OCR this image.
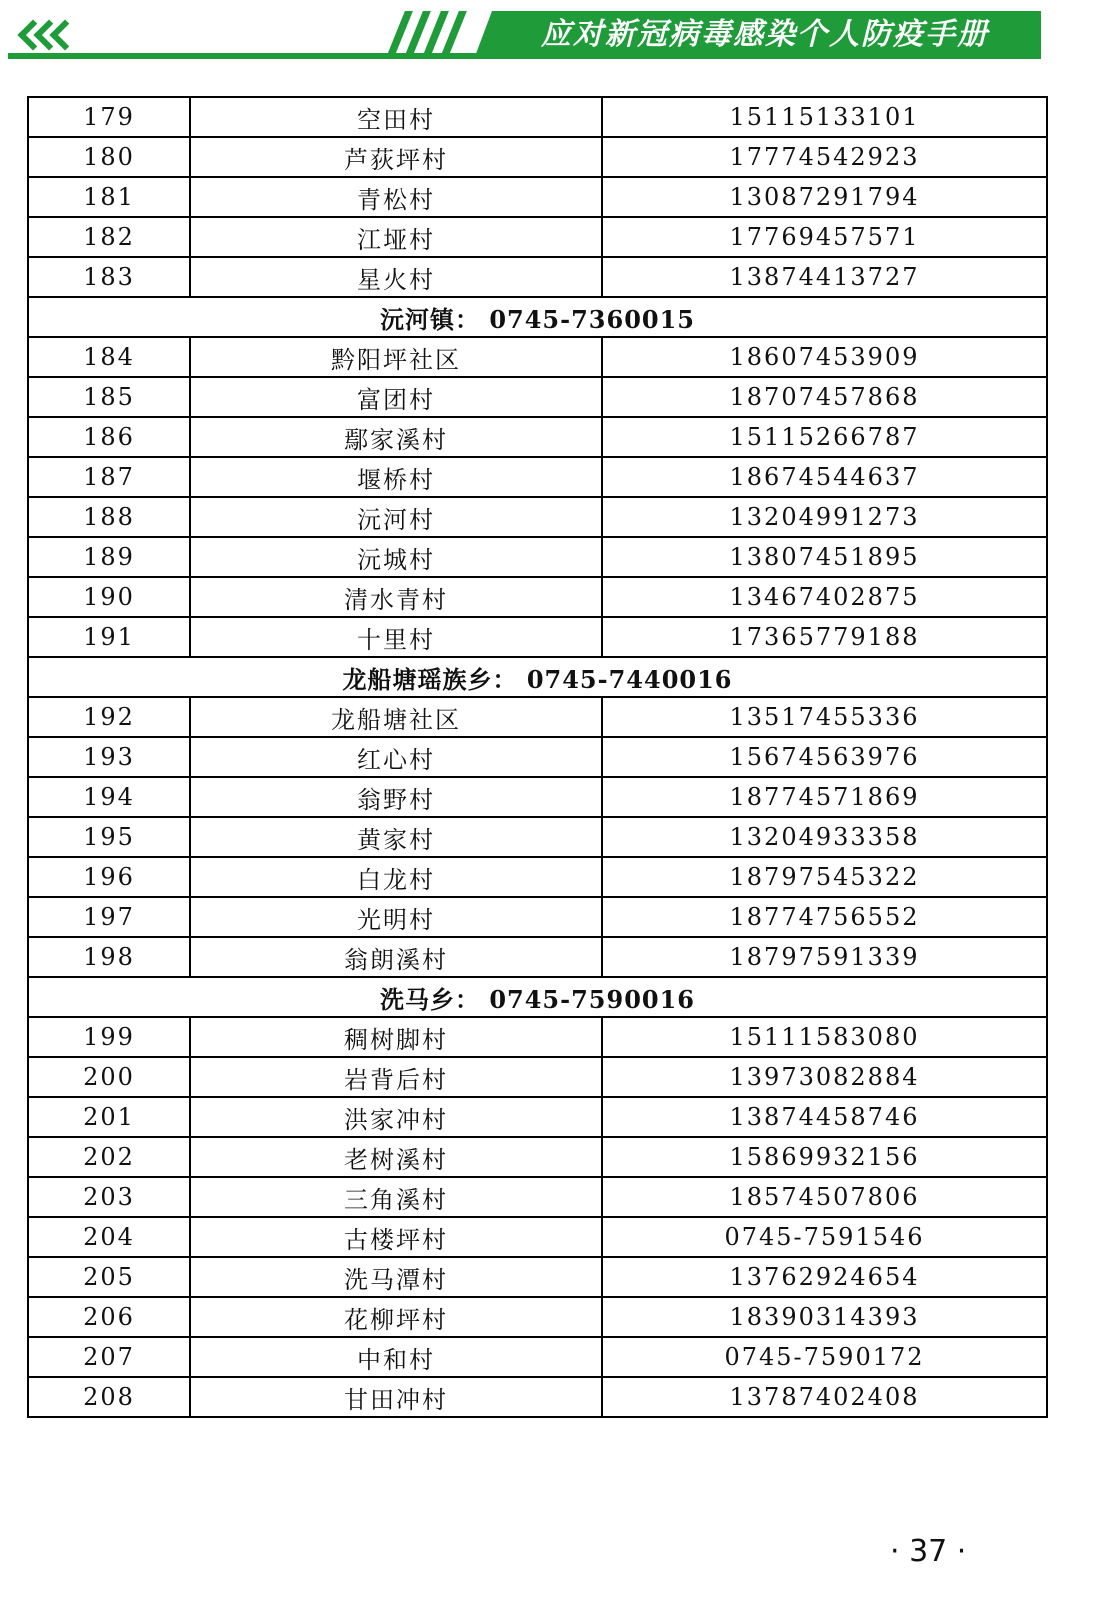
应对新冠病毒感染个人防疫手册
179	空田村	15115133101
180	芦荻坪村	17774542923
181	青松村	13087291794
182	江垭村	17769457571
183	星火村	13874413727
沅河镇： 0745-7360015		
184	黔阳坪社区	18607453909
185	富团村	18707457868
186	鄢家溪村	15115266787
187	堰桥村	18674544637
188	沅河村	13204991273
189	沅城村	13807451895
190	清水青村	13467402875
191	十里村	17365779188
龙船塘瑶族乡： 0745-7440016		
192	龙船塘社区	13517455336
193	红心村	15674563976
194	翁野村	18774571869
195	黄家村	13204933358
196	白龙村	18797545322
197	光明村	18774756552
198	翁朗溪村	18797591339
洗马乡： 0745-7590016		
199	稠树脚村	15111583080
200	岩背后村	13973082884
201	洪家冲村	13874458746
202	老树溪村	15869932156
203	三角溪村	18574507806
204	古楼坪村	0745-7591546
205	洗马潭村	13762924654
206	花柳坪村	18390314393
207	中和村	0745-7590172
208	甘田冲村	13787402408
· 37 ·
